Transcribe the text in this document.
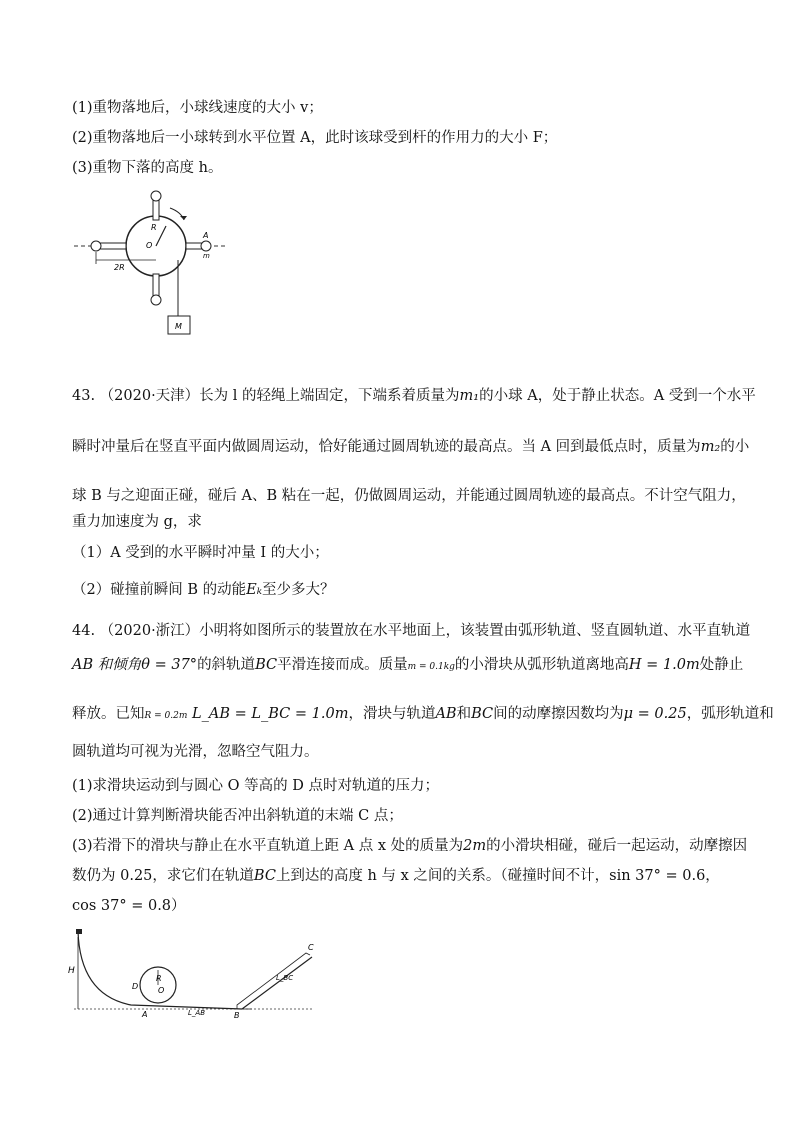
(1)重物落地后，小球线速度的大小 v；
(2)重物落地后一小球转到水平位置 A，此时该球受到杆的作用力的大小 F；
(3)重物下落的高度 h。
R
O
A
m
2R
M
43. （2020·天津）长为 l 的轻绳上端固定，下端系着质量为m₁的小球 A，处于静止状态。A 受到一个水平
瞬时冲量后在竖直平面内做圆周运动，恰好能通过圆周轨迹的最高点。当 A 回到最低点时，质量为m₂的小
球 B 与之迎面正碰，碰后 A、B 粘在一起，仍做圆周运动，并能通过圆周轨迹的最高点。不计空气阻力，
重力加速度为 g，求
（1）A 受到的水平瞬时冲量 I 的大小；
（2）碰撞前瞬间 B 的动能Eₖ至少多大？
44. （2020·浙江）小明将如图所示的装置放在水平地面上，该装置由弧形轨道、竖直圆轨道、水平直轨道
AB 和倾角θ = 37°的斜轨道BC平滑连接而成。质量m = 0.1kg的小滑块从弧形轨道离地高H = 1.0m处静止
释放。已知R = 0.2m L_AB = L_BC = 1.0m，滑块与轨道AB和BC间的动摩擦因数均为μ = 0.25，弧形轨道和
圆轨道均可视为光滑，忽略空气阻力。
(1)求滑块运动到与圆心 O 等高的 D 点时对轨道的压力；
(2)通过计算判断滑块能否冲出斜轨道的末端 C 点；
(3)若滑下的滑块与静止在水平直轨道上距 A 点 x 处的质量为2m的小滑块相碰，碰后一起运动，动摩擦因
数仍为 0.25，求它们在轨道BC上到达的高度 h 与 x 之间的关系。（碰撞时间不计，sin 37° = 0.6，
cos 37° = 0.8）
H
D
R
O
A	L_AB	B
L_BC
C
